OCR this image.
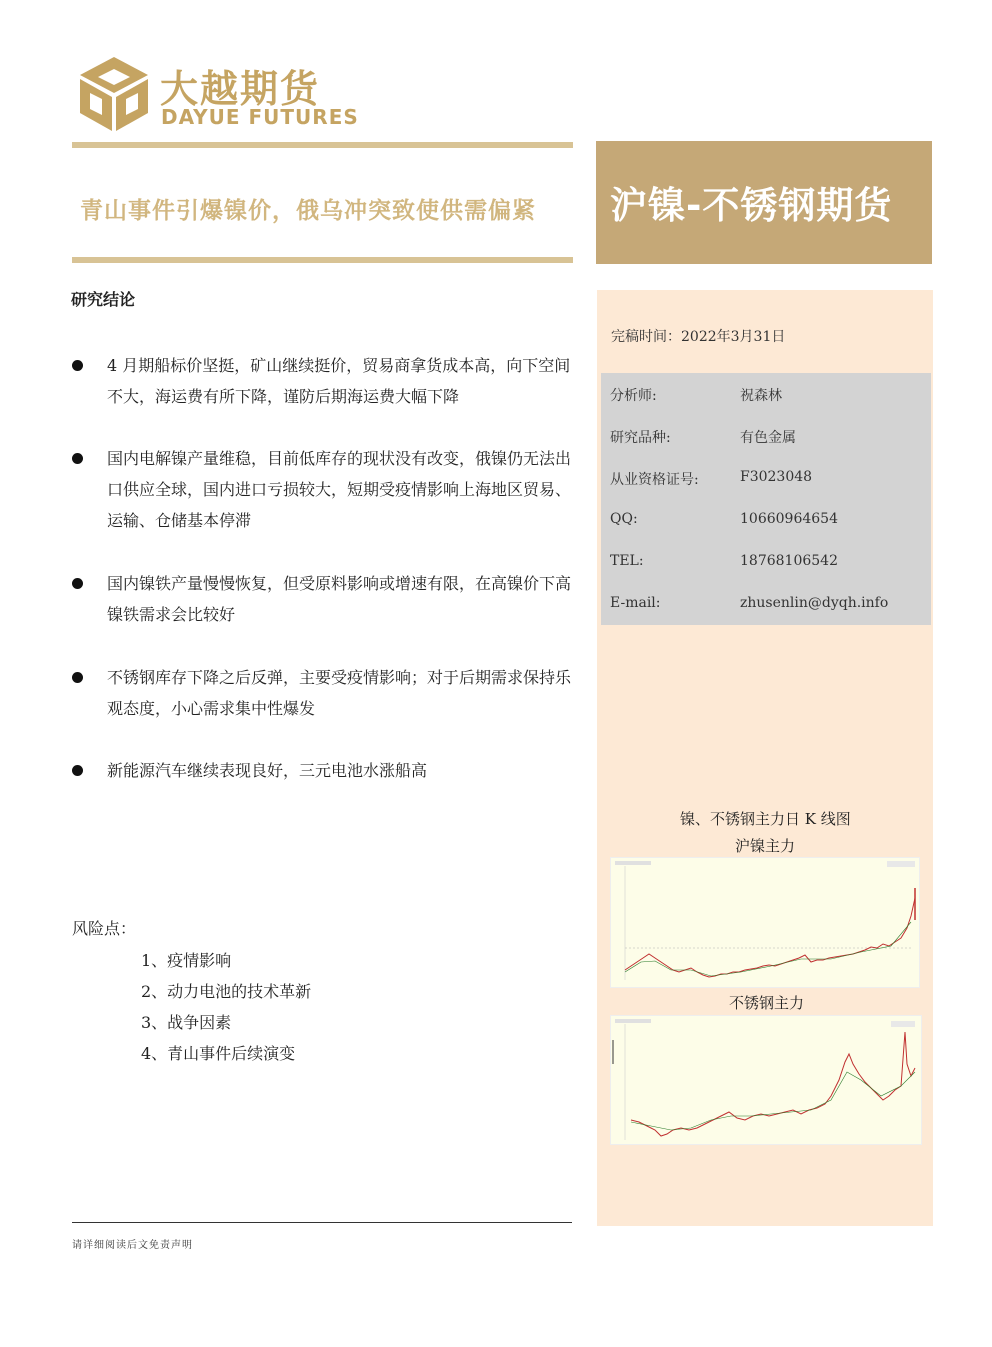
大越期货
DAYUE FUTURES
青山事件引爆镍价，俄乌冲突致使供需偏紧 沪镍-不锈钢期货
完稿时间：2022年3月31日
分析师:	祝森林
研究品种:	有色金属
从业资格证号:	F3023048
QQ:	10660964654
TEL:	18768106542
E-mail:	zhusenlin@dyqh.info
研究结论
4 月期船标价坚挺，矿山继续挺价，贸易商拿货成本高，向下空间不大，海运费有所下降，谨防后期海运费大幅下降
国内电解镍产量维稳，目前低库存的现状没有改变，俄镍仍无法出口供应全球，国内进口亏损较大，短期受疫情影响上海地区贸易、运输、仓储基本停滞
国内镍铁产量慢慢恢复，但受原料影响或增速有限，在高镍价下高镍铁需求会比较好
不锈钢库存下降之后反弹，主要受疫情影响；对于后期需求保持乐观态度，小心需求集中性爆发
新能源汽车继续表现良好，三元电池水涨船高
风险点：
1、疫情影响
2、动力电池的技术革新
3、战争因素
4、青山事件后续演变
镍、不锈钢主力日 K 线图
沪镍主力
不锈钢主力
请详细阅读后文免责声明
